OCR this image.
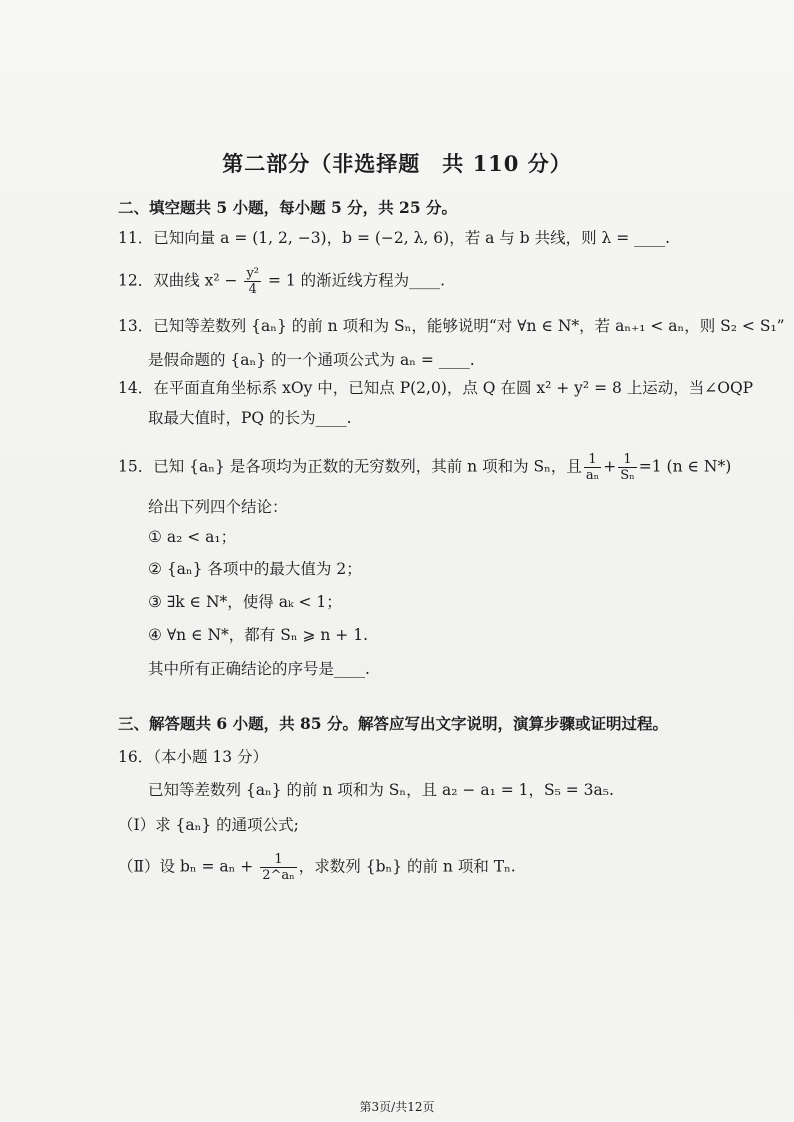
第二部分（非选择题　共 110 分）
二、填空题共 5 小题，每小题 5 分，共 25 分。
11．已知向量 a = (1, 2, −3)，b = (−2, λ, 6)，若 a 与 b 共线，则 λ = ____.
12．双曲线 $x^2 - \frac{\text{y²}}{4} = 1$ 的渐近线方程为____.
13．已知等差数列 {aₙ} 的前 n 项和为 Sₙ，能够说明“对 ∀n ∈ N*，若 aₙ₊₁ < aₙ，则 S₂ < S₁”
是假命题的 {aₙ} 的一个通项公式为 aₙ = ____.
14．在平面直角坐标系 xOy 中，已知点 P(2,0)，点 Q 在圆 x² + y² = 8 上运动，当∠OQP
取最大值时，PQ 的长为____.
15．已知 {aₙ} 是各项均为正数的无穷数列，其前 n 项和为 Sₙ，且 $\frac{1}{\text{aₙ}} + \frac{1}{\text{Sₙ}} =1$ (n ∈ N*)
给出下列四个结论：
① a₂ < a₁；
② {aₙ} 各项中的最大值为 2；
③ ∃k ∈ N*，使得 aₖ < 1；
④ ∀n ∈ N*，都有 Sₙ ⩾ n + 1.
其中所有正确结论的序号是____.
三、解答题共 6 小题，共 85 分。解答应写出文字说明，演算步骤或证明过程。
16．（本小题 13 分）
已知等差数列 {aₙ} 的前 n 项和为 Sₙ，且 a₂ − a₁ = 1，S₅ = 3a₅.
（Ⅰ）求 {aₙ} 的通项公式;
（Ⅱ）设 $b_n = a_n + \frac{1}{\text{2\textasciicircum{}aₙ}}$ ，求数列 {bₙ} 的前 n 项和 Tₙ.
第3页/共12页
